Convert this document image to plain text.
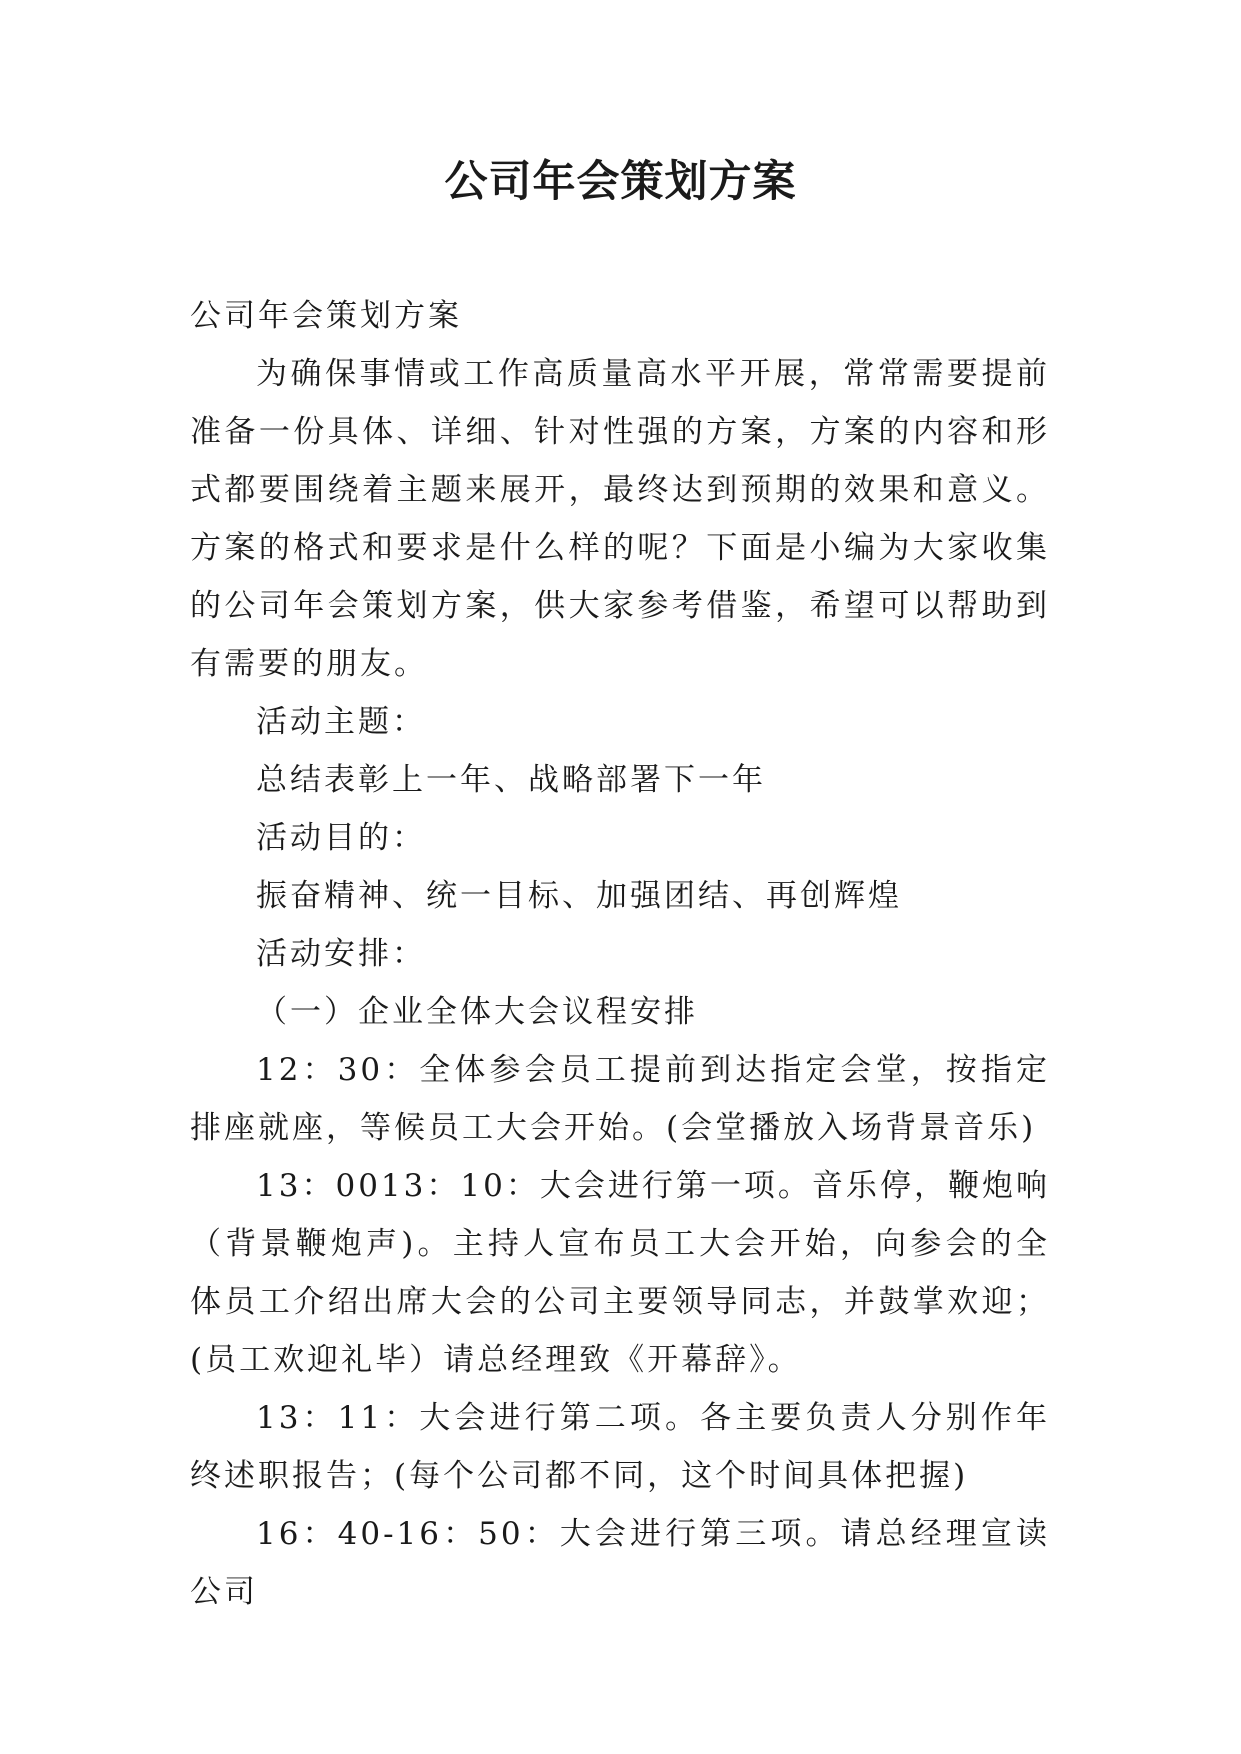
公司年会策划方案

公司年会策划方案

为确保事情或工作高质量高水平开展，常常需要提前准备一份具体、详细、针对性强的方案，方案的内容和形式都要围绕着主题来展开，最终达到预期的效果和意义。方案的格式和要求是什么样的呢？下面是小编为大家收集的公司年会策划方案，供大家参考借鉴，希望可以帮助到有需要的朋友。

活动主题：

总结表彰上一年、战略部署下一年

活动目的：

振奋精神、统一目标、加强团结、再创辉煌

活动安排：

（一）企业全体大会议程安排

12：30：全体参会员工提前到达指定会堂，按指定排座就座，等候员工大会开始。(会堂播放入场背景音乐)

13：0013：10：大会进行第一项。音乐停，鞭炮响（背景鞭炮声)。主持人宣布员工大会开始，向参会的全体员工介绍出席大会的公司主要领导同志，并鼓掌欢迎；(员工欢迎礼毕）请总经理致《开幕辞》。

13：11：大会进行第二项。各主要负责人分别作年终述职报告；(每个公司都不同，这个时间具体把握)

16：40-16：50：大会进行第三项。请总经理宣读公司
